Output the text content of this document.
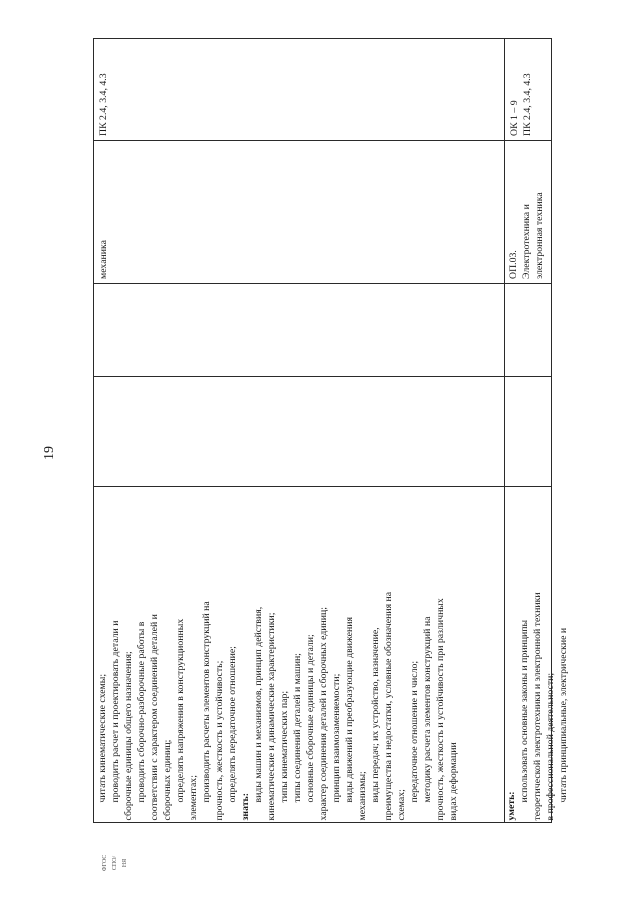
19
ПК 2.4, 3.4, 4.3
механика
читать кинематические схемы; проводить расчет и проектировать детали и сборочные единицы общего назначения; проводить сборочно-разборочные работы в соответствии с характером соединений деталей и сборочных единиц; определять напряжения в конструкционных элементах; производить расчеты элементов конструкций на прочность, жесткость и устойчивость; определять передаточное отношение;
знать:
виды машин и механизмов, принцип действия, кинематические и динамические характеристики; типы кинематических пар; типы соединений деталей и машин; основные сборочные единицы и детали; характер соединения деталей и сборочных единиц; принцип взаимозаменяемости; виды движений и преобразующие движения механизмы; виды передач; их устройство, назначение, преимущества и недостатки, условные обозначения на схемах;
передаточное отношение и число; методику расчета элементов конструкций на прочность, жесткость и устойчивость при различных видах деформации
ОК 1 – 9 ПК 2.4, 3.4, 4.3
ОП.03. Электротехника и электронная техника
уметь:
использовать основные законы и принципы теоретической электротехники и электронной техники в профессиональной деятельности; читать принципиальные, электрические и
ФГОС СПО/НЯ
